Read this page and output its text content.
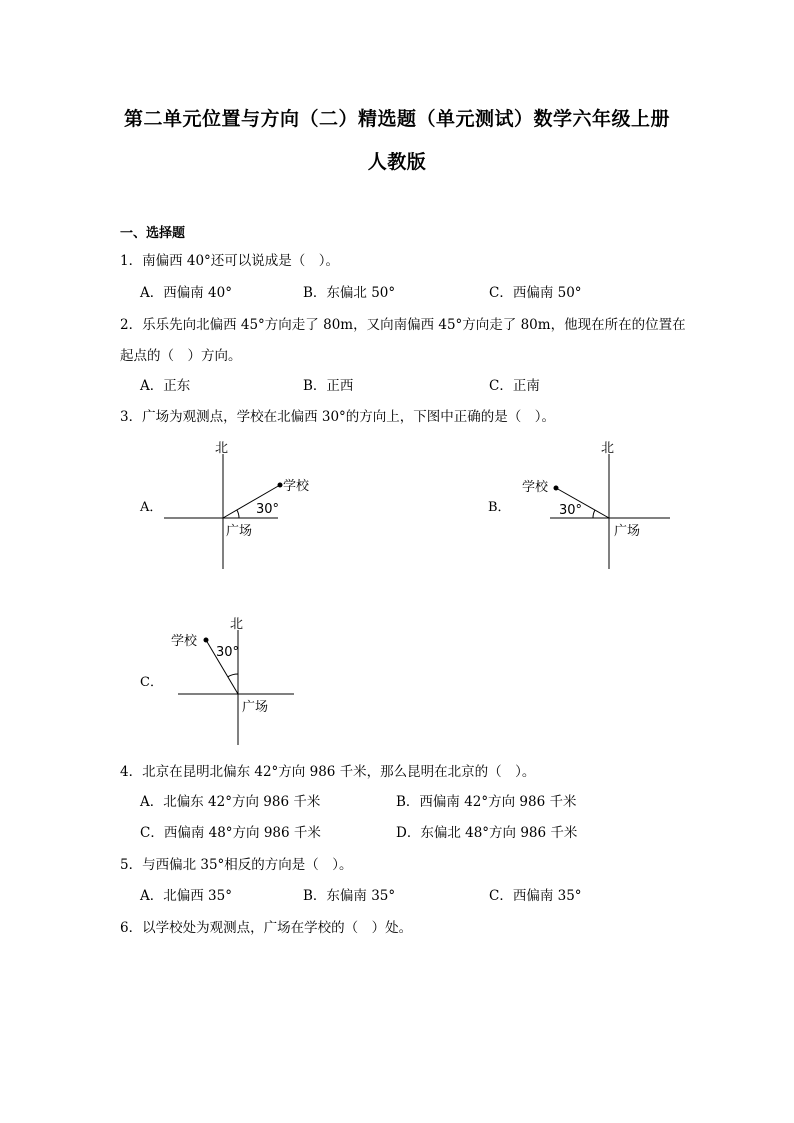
第二单元位置与方向（二）精选题（单元测试）数学六年级上册
人教版
一、选择题
1．南偏西 40°还可以说成是（　）。
A．西偏南 40°	B．东偏北 50°	C．西偏南 50°
2．乐乐先向北偏西 45°方向走了 80m，又向南偏西 45°方向走了 80m，他现在所在的位置在
起点的（　）方向。
A．正东	B．正西	C．正南
3．广场为观测点，学校在北偏西 30°的方向上，下图中正确的是（　）。
A．
北
学校
30°
广场
B．
北
学校
30°
广场
C．
北
学校
30°
广场
4．北京在昆明北偏东 42°方向 986 千米，那么昆明在北京的（　）。
A．北偏东 42°方向 986 千米	B．西偏南 42°方向 986 千米
C．西偏南 48°方向 986 千米	D．东偏北 48°方向 986 千米
5．与西偏北 35°相反的方向是（　）。
A．北偏西 35°	B．东偏南 35°	C．西偏南 35°
6．以学校处为观测点，广场在学校的（　）处。
